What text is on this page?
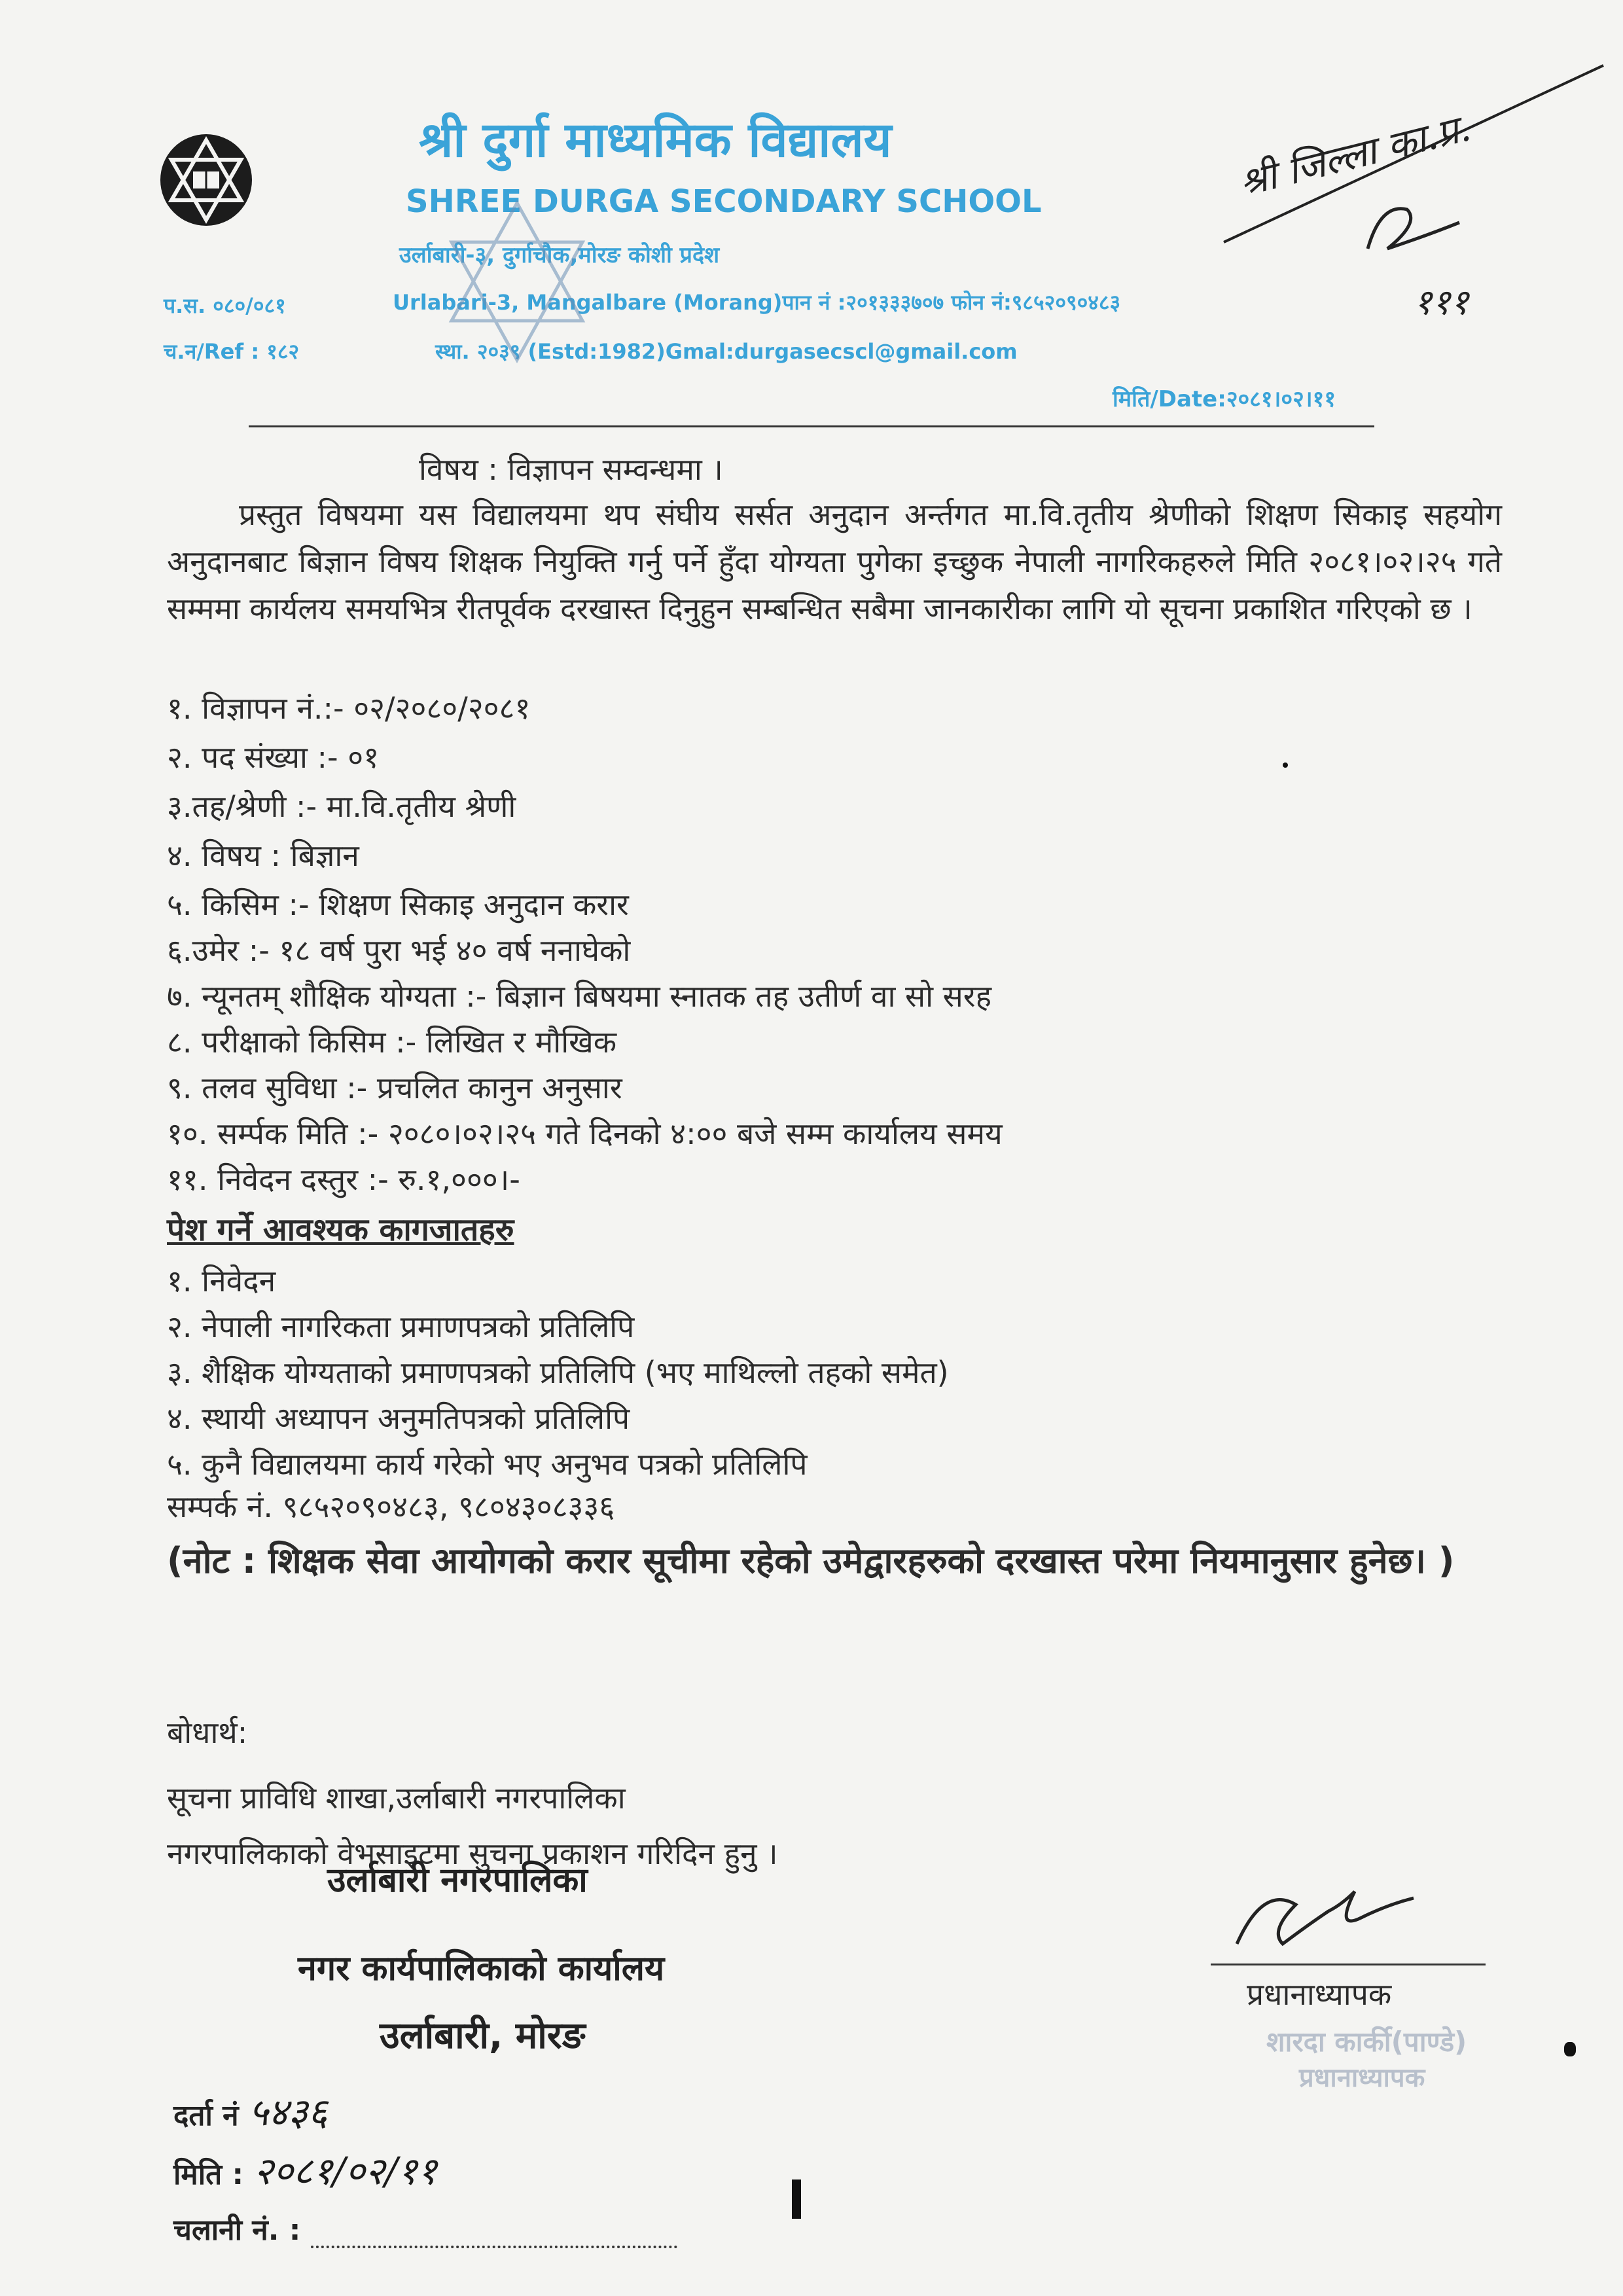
श्री दुर्गा माध्यमिक विद्यालय
SHREE DURGA SECONDARY SCHOOL
उर्लाबारी-३, दुर्गाचौक,मोरङ कोशी प्रदेश
Urlabari-3, Mangalbare (Morang)पान नं :२०१३३३७०७ फोन नं:९८५२०९०४८३
स्था. २०३९ (Estd:1982)Gmal:durgasecscl@gmail.com
प.स. ०८०/०८१
च.न/Ref : १८२
मिति/Date:२०८१।०२।११
श्री जिल्ला का.प्र.
१११
विषय : विज्ञापन सम्वन्धमा ।
प्रस्तुत विषयमा यस विद्यालयमा थप संघीय सर्सत अनुदान अर्न्तगत मा.वि.तृतीय श्रेणीको शिक्षण सिकाइ सहयोग अनुदानबाट बिज्ञान विषय शिक्षक नियुक्ति गर्नु पर्ने हुँदा योग्यता पुगेका इच्छुक नेपाली नागरिकहरुले मिति २०८१।०२।२५ गते सम्ममा कार्यलय समयभित्र रीतपूर्वक दरखास्त दिनुहुन सम्बन्धित सबैमा जानकारीका लागि यो सूचना प्रकाशित गरिएको छ ।
१. विज्ञापन नं.:- ०२/२०८०/२०८१
२. पद संख्या :- ०१
३.तह/श्रेणी :- मा.वि.तृतीय श्रेणी
४. विषय : बिज्ञान
५. किसिम :- शिक्षण सिकाइ अनुदान करार
६.उमेर :- १८ वर्ष पुरा भई ४० वर्ष ननाघेको
७. न्यूनतम् शौक्षिक योग्यता :- बिज्ञान बिषयमा स्नातक तह उतीर्ण वा सो सरह
८. परीक्षाको किसिम :- लिखित र मौखिक
९. तलव सुविधा :- प्रचलित कानुन अनुसार
१०. सर्म्पक मिति :- २०८०।०२।२५ गते दिनको ४:०० बजे सम्म कार्यालय समय
११. निवेदन दस्तुर :- रु.१,०००।-
पेश गर्ने आवश्यक कागजातहरु
१. निवेदन
२. नेपाली नागरिकता प्रमाणपत्रको प्रतिलिपि
३. शैक्षिक योग्यताको प्रमाणपत्रको प्रतिलिपि (भए माथिल्लो तहको समेत)
४. स्थायी अध्यापन अनुमतिपत्रको प्रतिलिपि
५. कुनै विद्यालयमा कार्य गरेको भए अनुभव पत्रको प्रतिलिपि
सम्पर्क नं. ९८५२०९०४८३, ९८०४३०८३३६
(नोट : शिक्षक सेवा आयोगको करार सूचीमा रहेको उमेद्वारहरुको दरखास्त परेमा नियमानुसार हुनेछ। )
बोधार्थ:
सूचना प्राविधि शाखा,उर्लाबारी नगरपालिका
नगरपालिकाको वेभसाइटमा सुचना प्रकाशन गरिदिन हुनु ।
उर्लाबारी नगरपालिका
नगर कार्यपालिकाको कार्यालय
उर्लाबारी, मोरङ
दर्ता नं ५४३६
मिति : २०८१/०२/११
चलानी नं. :
प्रधानाध्यापक
शारदा कार्की(पाण्डे)
प्रधानाध्यापक
